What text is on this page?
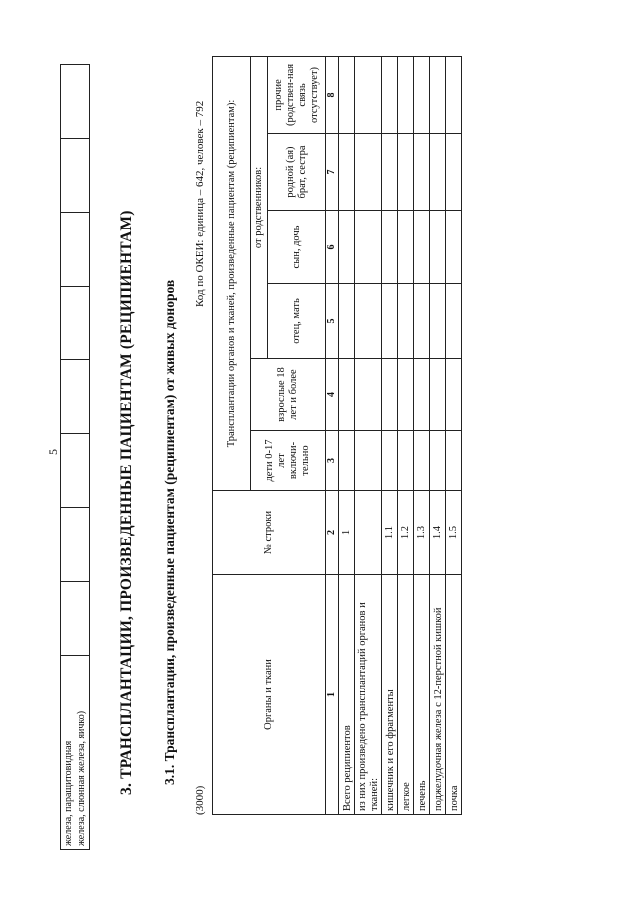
5
железа, паращитовидная железа, слюнная железа, яичко)
								3. ТРАНСПЛАНТАЦИИ, ПРОИЗВЕДЕННЫЕ ПАЦИЕНТАМ (РЕЦИПИЕНТАМ) 3.1. Трансплантации, произведенные пациентам (реципиентам) от живых доноров
(3000)
Код по ОКЕИ: единица – 642, человек – 792
Органы и ткани	№ строки	Трансплантации органов и тканей, произведенные пациентам (реципиентам):					
		дети 0-17 лет включи-тельно	взрослые 18 лет и более	от родственников:			
				отец, мать	сын, дочь	родной (ая) брат, сестра	прочие (родствен-ная связь отсутствует)
1	2	3	4	5	6	7	8
Всего реципиентов	1						
из них произведено трансплантаций органов и тканей:							
кишечник и его фрагменты	1.1						
легкое	1.2						
печень	1.3						
поджелудочная железа с 12-перстной кишкой	1.4						
почка	1.5						
